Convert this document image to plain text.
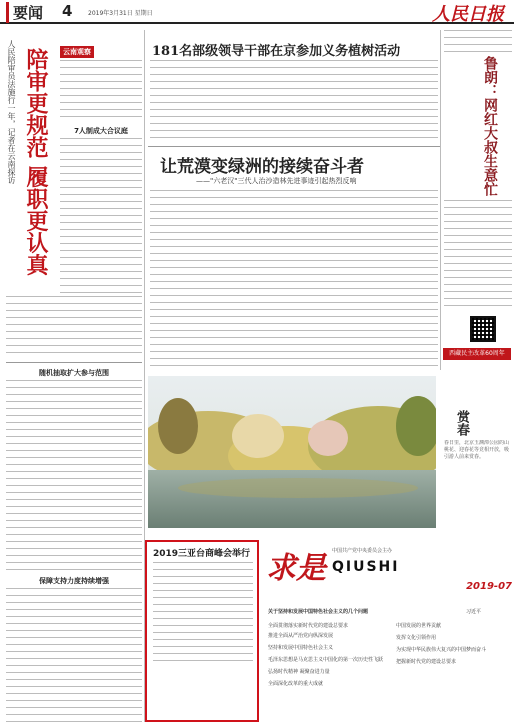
要闻 4	2019年3月31日 星期日	人民日报
陪审更规范 履职更认真
人民陪审员法施行一年，记者在云南探访	云南观察
7人制成大合议庭
随机抽取扩大参与范围
保障支持力度持续增强
181名部级领导干部在京参加义务植树活动
让荒漠变绿洲的接续奋斗者
——"六老汉"三代人治沙造林先进事迹引起热烈反响	鲁朗：网红大叔生意忙
西藏民主改革60周年
赏春
春日里，北京玉渊潭公园的山桃花、迎春花等竞相开放，吸引游人前来赏春。
2019三亚台商峰会举行 求是 中国共产党中央委员会主办
QIUSHI
2019-07
关于坚持和发展中国特色社会主义的几个问题	习近平
全面贯彻落实新时代党的建设总要求
推进全面从严治党向纵深发展
坚持和发展中国特色社会主义
毛泽东思想是马克思主义中国化的第一次历史性飞跃
弘扬时代精神 凝聚奋进力量
全面深化改革的重大成就
中国发展的世界贡献
发挥文化引领作用
为实现中华民族伟大复兴的中国梦而奋斗
把握新时代党的建设总要求
